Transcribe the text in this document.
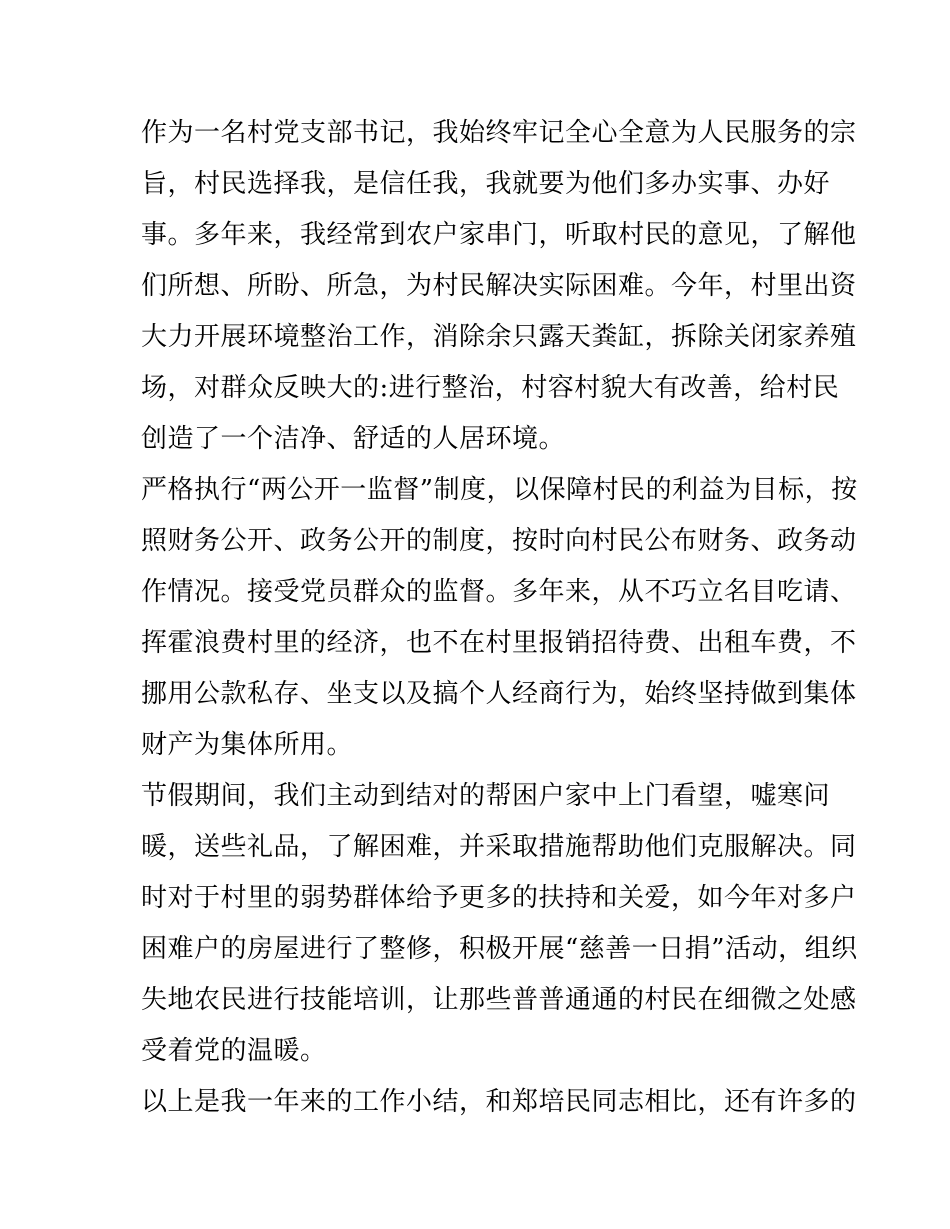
作为一名村党支部书记，我始终牢记全心全意为人民服务的宗
旨，村民选择我，是信任我，我就要为他们多办实事、办好
事。多年来，我经常到农户家串门，听取村民的意见，了解他
们所想、所盼、所急，为村民解决实际困难。今年，村里出资
大力开展环境整治工作，消除余只露天粪缸，拆除关闭家养殖
场，对群众反映大的:进行整治，村容村貌大有改善，给村民
创造了一个洁净、舒适的人居环境。
严格执行“两公开一监督”制度，以保障村民的利益为目标，按
照财务公开、政务公开的制度，按时向村民公布财务、政务动
作情况。接受党员群众的监督。多年来，从不巧立名目吃请、
挥霍浪费村里的经济，也不在村里报销招待费、出租车费，不
挪用公款私存、坐支以及搞个人经商行为，始终坚持做到集体
财产为集体所用。
节假期间，我们主动到结对的帮困户家中上门看望，嘘寒问
暖，送些礼品，了解困难，并采取措施帮助他们克服解决。同
时对于村里的弱势群体给予更多的扶持和关爱，如今年对多户
困难户的房屋进行了整修，积极开展“慈善一日捐”活动，组织
失地农民进行技能培训，让那些普普通通的村民在细微之处感
受着党的温暖。
以上是我一年来的工作小结，和郑培民同志相比，还有许多的
